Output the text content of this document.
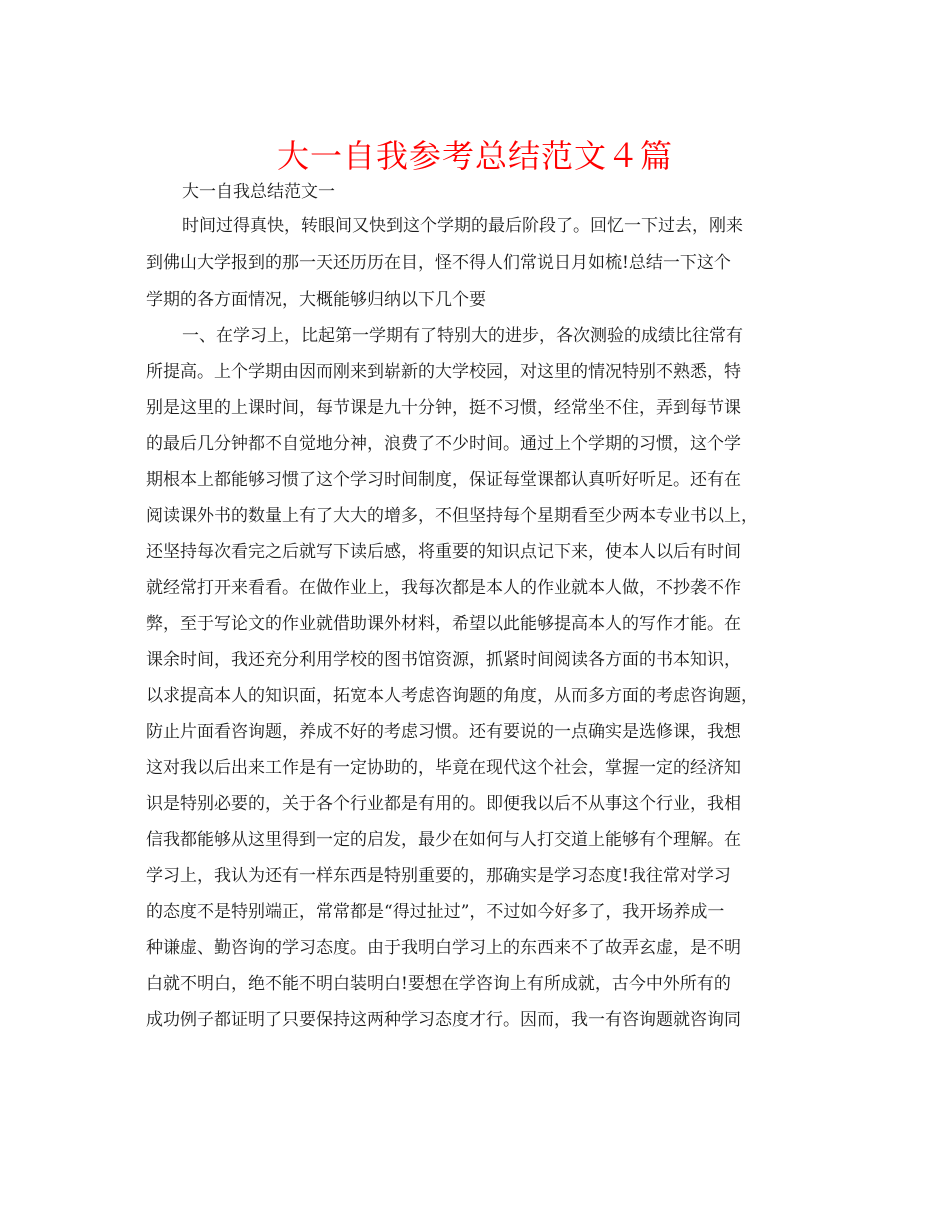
大一自我参考总结范文４篇
大一自我总结范文一
时间过得真快，转眼间又快到这个学期的最后阶段了。回忆一下过去，刚来
到佛山大学报到的那一天还历历在目，怪不得人们常说日月如梳!总结一下这个
学期的各方面情况，大概能够归纳以下几个要
一、在学习上，比起第一学期有了特别大的进步，各次测验的成绩比往常有
所提高。上个学期由因而刚来到崭新的大学校园，对这里的情况特别不熟悉，特
别是这里的上课时间，每节课是九十分钟，挺不习惯，经常坐不住，弄到每节课
的最后几分钟都不自觉地分神，浪费了不少时间。通过上个学期的习惯，这个学
期根本上都能够习惯了这个学习时间制度，保证每堂课都认真听好听足。还有在
阅读课外书的数量上有了大大的增多，不但坚持每个星期看至少两本专业书以上，
还坚持每次看完之后就写下读后感，将重要的知识点记下来，使本人以后有时间
就经常打开来看看。在做作业上，我每次都是本人的作业就本人做，不抄袭不作
弊，至于写论文的作业就借助课外材料，希望以此能够提高本人的写作才能。在
课余时间，我还充分利用学校的图书馆资源，抓紧时间阅读各方面的书本知识，
以求提高本人的知识面，拓宽本人考虑咨询题的角度，从而多方面的考虑咨询题，
防止片面看咨询题，养成不好的考虑习惯。还有要说的一点确实是选修课，我想
这对我以后出来工作是有一定协助的，毕竟在现代这个社会，掌握一定的经济知
识是特别必要的，关于各个行业都是有用的。即便我以后不从事这个行业，我相
信我都能够从这里得到一定的启发，最少在如何与人打交道上能够有个理解。在
学习上，我认为还有一样东西是特别重要的，那确实是学习态度!我往常对学习
的态度不是特别端正，常常都是“得过扯过”，不过如今好多了，我开场养成一
种谦虚、勤咨询的学习态度。由于我明白学习上的东西来不了故弄玄虚，是不明
白就不明白，绝不能不明白装明白!要想在学咨询上有所成就，古今中外所有的
成功例子都证明了只要保持这两种学习态度才行。因而，我一有咨询题就咨询同
